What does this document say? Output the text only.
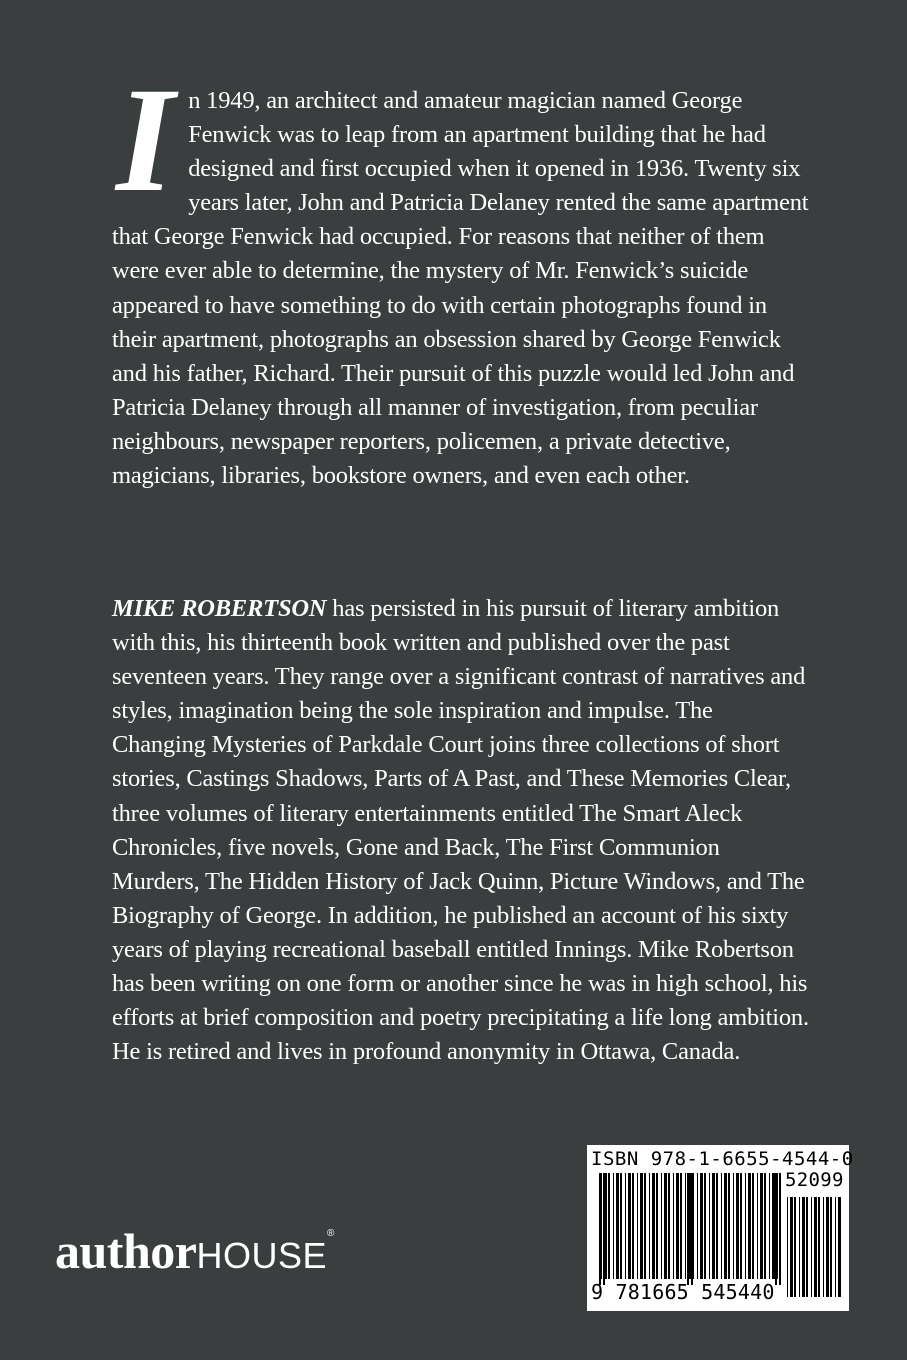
In 1949, an architect and amateur magician named George Fenwick was to leap from an apartment building that he had designed and first occupied when it opened in 1936. Twenty six years later, John and Patricia Delaney rented the same apartment that George Fenwick had occupied. For reasons that neither of them were ever able to determine, the mystery of Mr. Fenwick’s suicide appeared to have something to do with certain photographs found in their apartment, photographs an obsession shared by George Fenwick and his father, Richard. Their pursuit of this puzzle would led John and Patricia Delaney through all manner of investigation, from peculiar neighbours, newspaper reporters, policemen, a private detective, magicians, libraries, bookstore owners, and even each other.

MIKE ROBERTSON has persisted in his pursuit of literary ambition with this, his thirteenth book written and published over the past seventeen years. They range over a significant contrast of narratives and styles, imagination being the sole inspiration and impulse. The Changing Mysteries of Parkdale Court joins three collections of short stories, Castings Shadows, Parts of A Past, and These Memories Clear, three volumes of literary entertainments entitled The Smart Aleck Chronicles, five novels, Gone and Back, The First Communion Murders, The Hidden History of Jack Quinn, Picture Windows, and The Biography of George. In addition, he published an account of his sixty years of playing recreational baseball entitled Innings. Mike Robertson has been writing on one form or another since he was in high school, his efforts at brief composition and poetry precipitating a life long ambition. He is retired and lives in profound anonymity in Ottawa, Canada.

authorHOUSE®
ISBN 978-1-6655-4544-0
52099
9 781665 545440
